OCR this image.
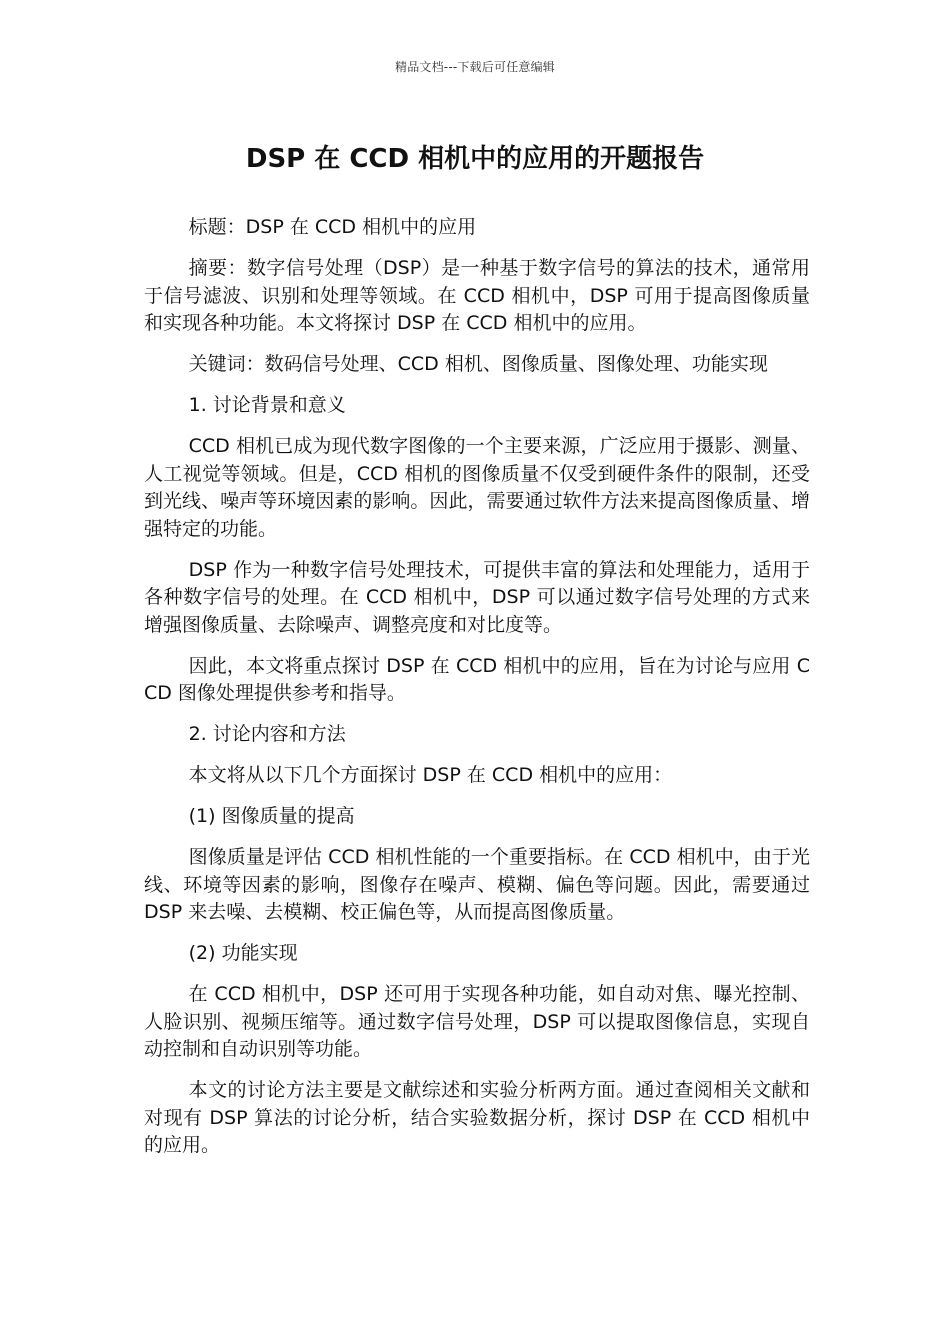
精品文档---下载后可任意编辑
DSP 在 CCD 相机中的应用的开题报告

标题：DSP 在 CCD 相机中的应用

摘要：数字信号处理（DSP）是一种基于数字信号的算法的技术，通常用于信号滤波、识别和处理等领域。在 CCD 相机中，DSP 可用于提高图像质量和实现各种功能。本文将探讨 DSP 在 CCD 相机中的应用。

关键词：数码信号处理、CCD 相机、图像质量、图像处理、功能实现

1. 讨论背景和意义

CCD 相机已成为现代数字图像的一个主要来源，广泛应用于摄影、测量、人工视觉等领域。但是，CCD 相机的图像质量不仅受到硬件条件的限制，还受到光线、噪声等环境因素的影响。因此，需要通过软件方法来提高图像质量、增强特定的功能。

DSP 作为一种数字信号处理技术，可提供丰富的算法和处理能力，适用于各种数字信号的处理。在 CCD 相机中，DSP 可以通过数字信号处理的方式来增强图像质量、去除噪声、调整亮度和对比度等。

因此，本文将重点探讨 DSP 在 CCD 相机中的应用，旨在为讨论与应用 CCD 图像处理提供参考和指导。

2. 讨论内容和方法

本文将从以下几个方面探讨 DSP 在 CCD 相机中的应用：

(1) 图像质量的提高

图像质量是评估 CCD 相机性能的一个重要指标。在 CCD 相机中，由于光线、环境等因素的影响，图像存在噪声、模糊、偏色等问题。因此，需要通过 DSP 来去噪、去模糊、校正偏色等，从而提高图像质量。

(2) 功能实现

在 CCD 相机中，DSP 还可用于实现各种功能，如自动对焦、曝光控制、人脸识别、视频压缩等。通过数字信号处理，DSP 可以提取图像信息，实现自动控制和自动识别等功能。

本文的讨论方法主要是文献综述和实验分析两方面。通过查阅相关文献和对现有 DSP 算法的讨论分析，结合实验数据分析，探讨 DSP 在 CCD 相机中的应用。
